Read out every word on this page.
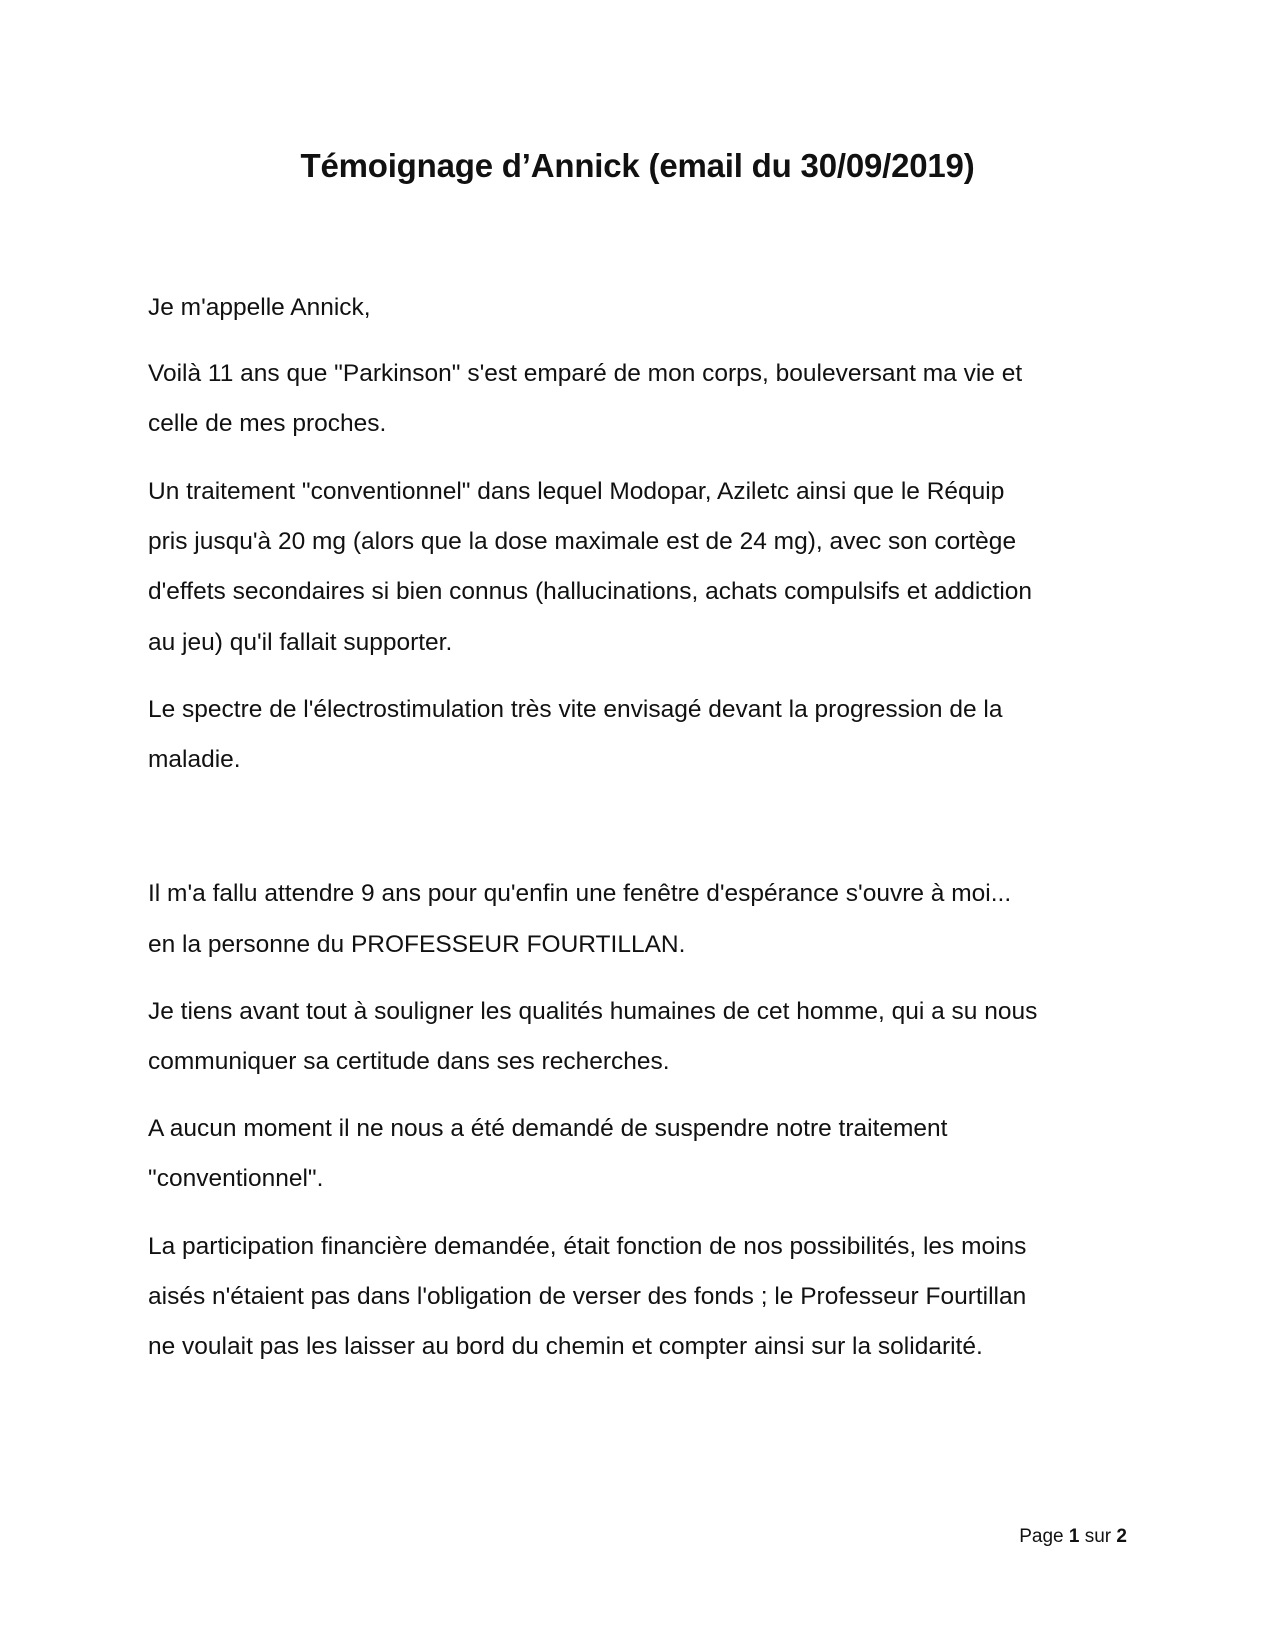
Témoignage d’Annick (email du 30/09/2019)

Je m'appelle Annick,

Voilà 11 ans que "Parkinson" s'est emparé de mon corps, bouleversant ma vie et

celle de mes proches.

Un traitement "conventionnel" dans lequel Modopar, Aziletc ainsi que le Réquip

pris jusqu'à 20 mg (alors que la dose maximale est de 24 mg), avec son cortège

d'effets secondaires si bien connus (hallucinations, achats compulsifs et addiction

au jeu) qu'il fallait supporter.

Le spectre de l'électrostimulation très vite envisagé devant la progression de la

maladie.

Il m'a fallu attendre 9 ans pour qu'enfin une fenêtre d'espérance s'ouvre à moi...

en la personne du PROFESSEUR FOURTILLAN.

Je tiens avant tout à souligner les qualités humaines de cet homme, qui a su nous

communiquer sa certitude dans ses recherches.

A aucun moment il ne nous a été demandé de suspendre notre traitement

"conventionnel".

La participation financière demandée, était fonction de nos possibilités, les moins

aisés n'étaient pas dans l'obligation de verser des fonds ; le Professeur Fourtillan

ne voulait pas les laisser au bord du chemin et compter ainsi sur la solidarité.

Page 1 sur 2
